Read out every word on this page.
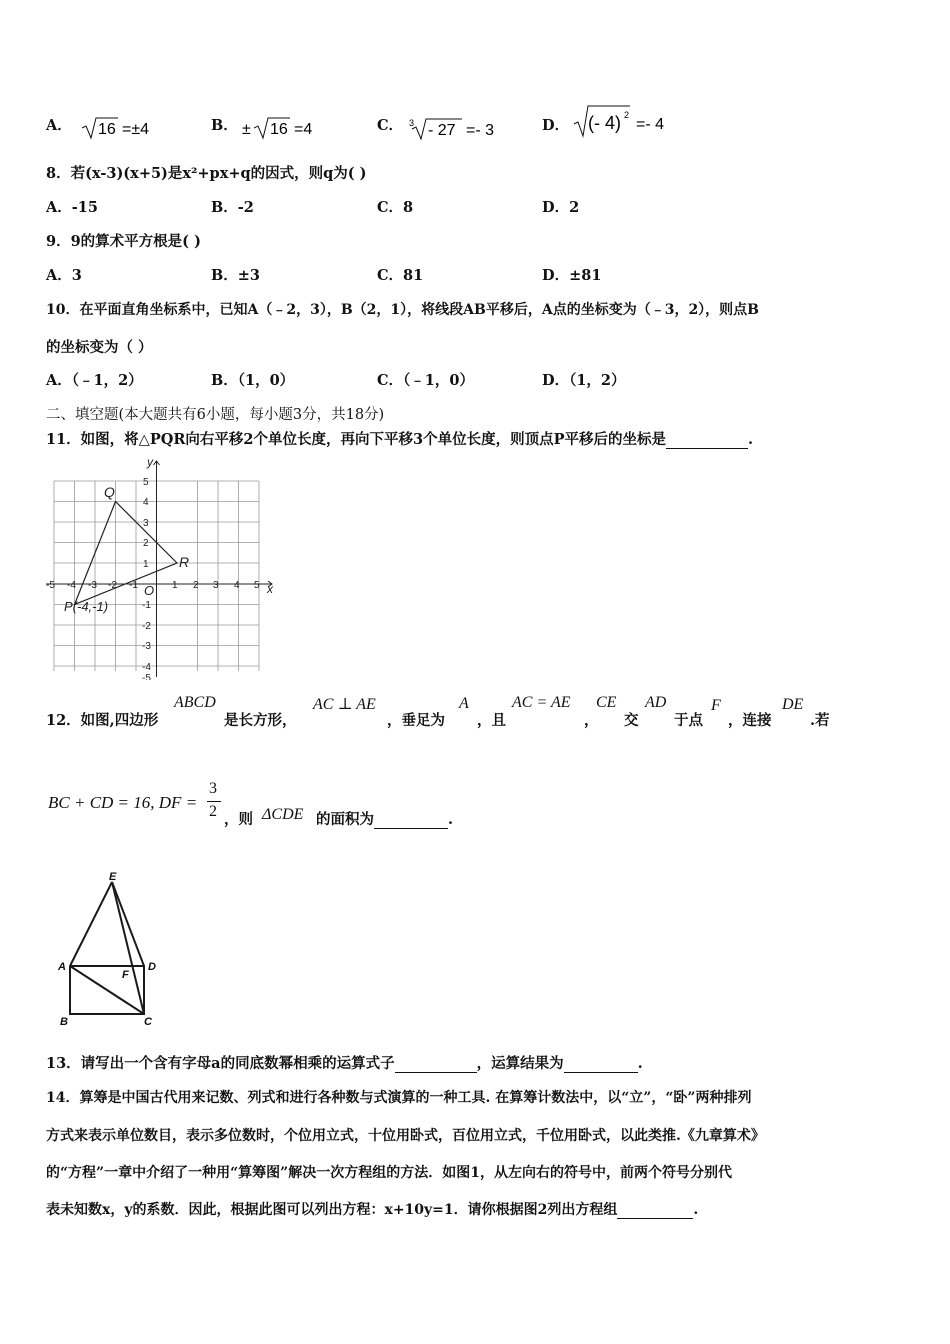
A． 16 =±4	B． ± 16 =4	C． 3 - 27 =- 3	D． (- 4) 2
=- 4
8．若(x-3)(x+5)是x²+px+q的因式，则q为( )
A．-15	B．-2	C．8	D．2
9．9的算术平方根是( )
A．3	B．±3	C．81	D．±81
10．在平面直角坐标系中，已知A（﹣2，3），B（2，1），将线段AB平移后，A点的坐标变为（﹣3，2），则点B
的坐标变为（ ）
A．（﹣1，2）	B．（1，0）	C．（﹣1，0）	D．（1，2）
二、填空题(本大题共有6小题，每小题3分，共18分)
11．如图，将△PQR向右平移2个单位长度，再向下平移3个单位长度，则顶点P平移后的坐标是	.
-5 -4 -3 -2 -1	1 2 3 4 5
5
4
3
2
1
-1
-2
-3
-4
-5
x
y
O
Q
R
P(-4,-1)
12．如图,四边形
ABCD
是长方形，
AC ⊥ AE
，垂足为
A
，且
AC = AE
，
CE
交
AD
于点
F
，连接
DE
.若
BC + CD = 16, DF =
3
2 ，则 ΔCDE 的面积为	.
E
A	D
F
B	C
13．请写出一个含有字母a的同底数幂相乘的运算式子	，运算结果为	.
14．算筹是中国古代用来记数、列式和进行各种数与式演算的一种工具. 在算筹计数法中，以“立”，“卧”两种排列
方式来表示单位数目，表示多位数时，个位用立式，十位用卧式，百位用立式，千位用卧式，以此类推.《九章算术》
的“方程”一章中介绍了一种用“算筹图”解决一次方程组的方法．如图1，从左向右的符号中，前两个符号分别代
表未知数x，y的系数．因此，根据此图可以列出方程：x+10y=1．请你根据图2列出方程组	.
